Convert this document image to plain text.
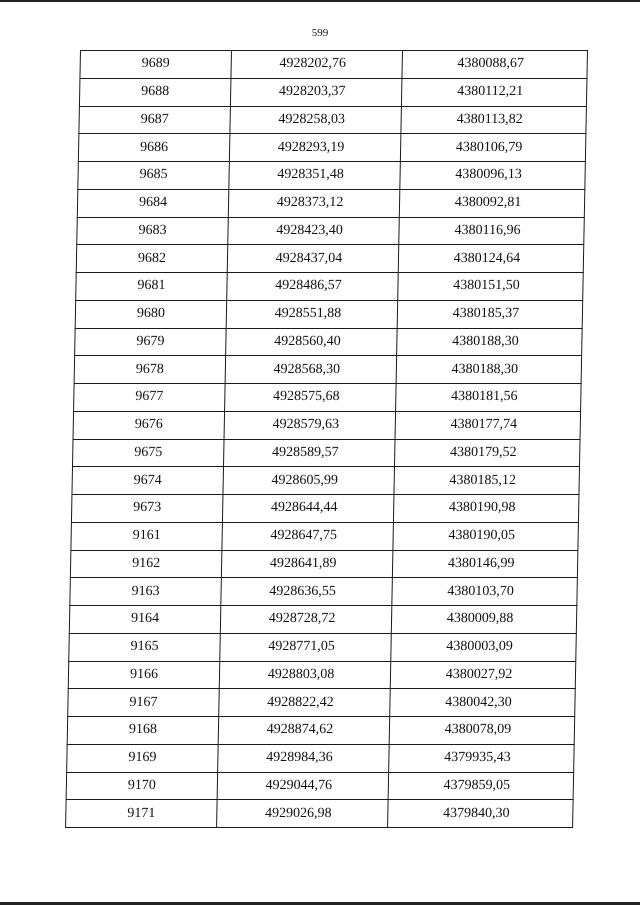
599
9689	4928202,76	4380088,67
9688	4928203,37	4380112,21
9687	4928258,03	4380113,82
9686	4928293,19	4380106,79
9685	4928351,48	4380096,13
9684	4928373,12	4380092,81
9683	4928423,40	4380116,96
9682	4928437,04	4380124,64
9681	4928486,57	4380151,50
9680	4928551,88	4380185,37
9679	4928560,40	4380188,30
9678	4928568,30	4380188,30
9677	4928575,68	4380181,56
9676	4928579,63	4380177,74
9675	4928589,57	4380179,52
9674	4928605,99	4380185,12
9673	4928644,44	4380190,98
9161	4928647,75	4380190,05
9162	4928641,89	4380146,99
9163	4928636,55	4380103,70
9164	4928728,72	4380009,88
9165	4928771,05	4380003,09
9166	4928803,08	4380027,92
9167	4928822,42	4380042,30
9168	4928874,62	4380078,09
9169	4928984,36	4379935,43
9170	4929044,76	4379859,05
9171	4929026,98	4379840,30
